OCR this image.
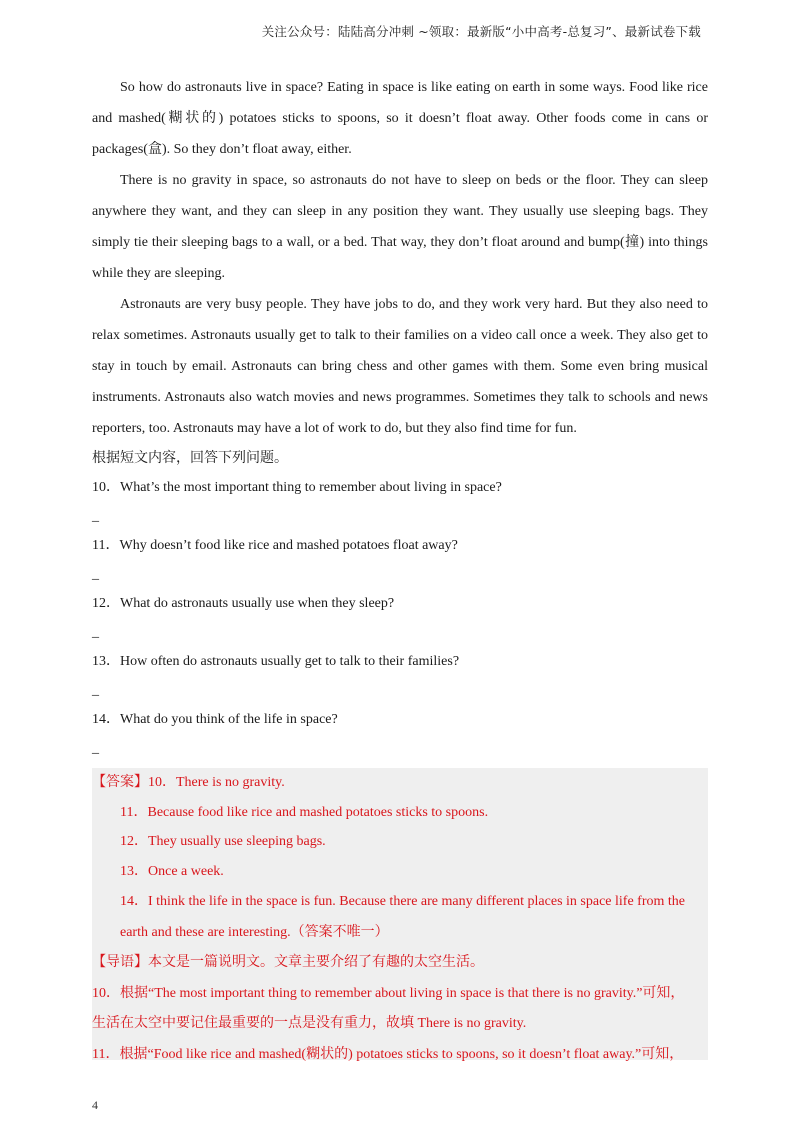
关注公众号：陆陆高分冲刺 ~领取：最新版“小中高考-总复习”、最新试卷下载

So how do astronauts live in space? Eating in space is like eating on earth in some ways. Food like rice and mashed(糊状的) potatoes sticks to spoons, so it doesn’t float away. Other foods come in cans or packages(盒). So they don’t float away, either.

There is no gravity in space, so astronauts do not have to sleep on beds or the floor. They can sleep anywhere they want, and they can sleep in any position they want. They usually use sleeping bags. They simply tie their sleeping bags to a wall, or a bed. That way, they don’t float around and bump(撞) into things while they are sleeping.

Astronauts are very busy people. They have jobs to do, and they work very hard. But they also need to relax sometimes. Astronauts usually get to talk to their families on a video call once a week. They also get to stay in touch by email. Astronauts can bring chess and other games with them. Some even bring musical instruments. Astronauts also watch movies and news programmes. Sometimes they talk to schools and news reporters, too. Astronauts may have a lot of work to do, but they also find time for fun.

根据短文内容，回答下列问题。

10．What’s the most important thing to remember about living in space?

_

11．Why doesn’t food like rice and mashed potatoes float away?

_

12．What do astronauts usually use when they sleep?

_

13．How often do astronauts usually get to talk to their families?

_

14．What do you think of the life in space?

_

【答案】10．There is no gravity.

11．Because food like rice and mashed potatoes sticks to spoons.

12．They usually use sleeping bags.

13．Once a week.

14．I think the life in the space is fun. Because there are many different places in space life from the

earth and these are interesting.（答案不唯一）

【导语】本文是一篇说明文。文章主要介绍了有趣的太空生活。

10．根据“The most important thing to remember about living in space is that there is no gravity.”可知，

生活在太空中要记住最重要的一点是没有重力，故填 There is no gravity.

11．根据“Food like rice and mashed(糊状的) potatoes sticks to spoons, so it doesn’t float away.”可知，

4
